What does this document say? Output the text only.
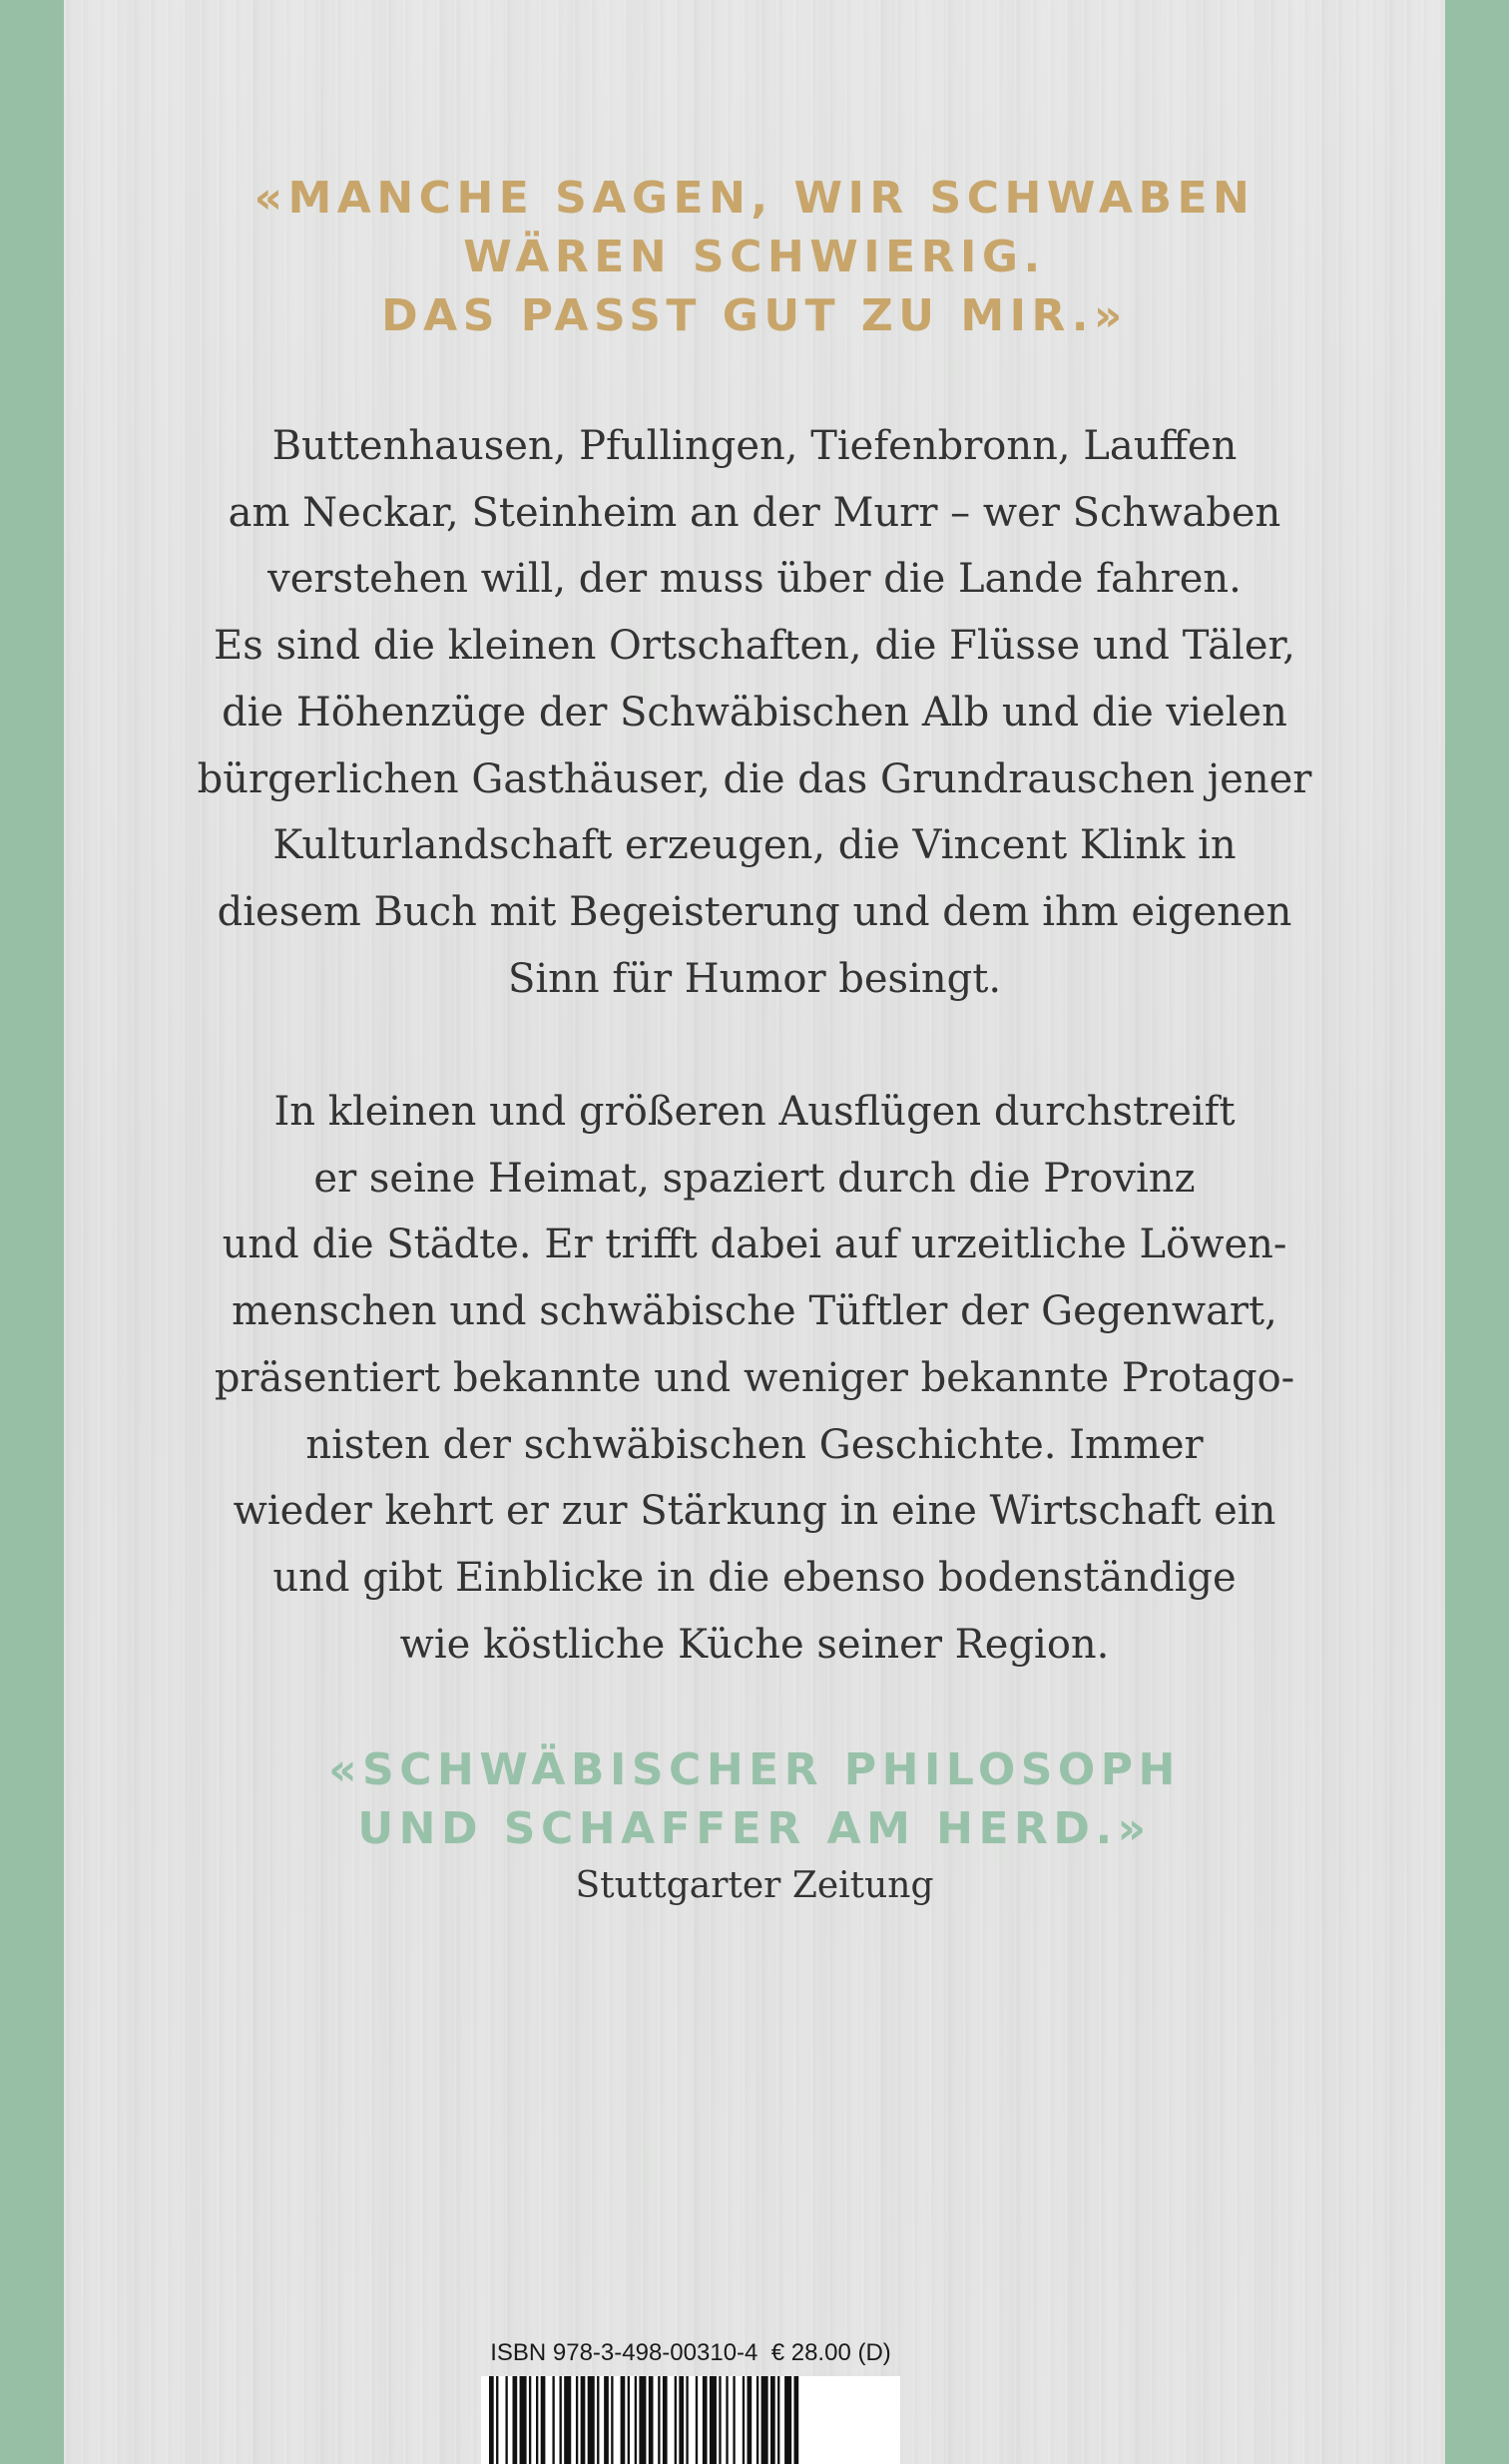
«MANCHE SAGEN, WIR SCHWABEN
WÄREN SCHWIERIG.
DAS PASST GUT ZU MIR.»
Buttenhausen, Pfullingen, Tiefenbronn, Lauffen
am Neckar, Steinheim an der Murr – wer Schwaben
verstehen will, der muss über die Lande fahren.
Es sind die kleinen Ortschaften, die Flüsse und Täler,
die Höhenzüge der Schwäbischen Alb und die vielen
bürgerlichen Gasthäuser, die das Grundrauschen jener
Kulturlandschaft erzeugen, die Vincent Klink in
diesem Buch mit Begeisterung und dem ihm eigenen
Sinn für Humor besingt.
In kleinen und größeren Ausflügen durchstreift
er seine Heimat, spaziert durch die Provinz
und die Städte. Er trifft dabei auf urzeitliche Löwen-
menschen und schwäbische Tüftler der Gegenwart,
präsentiert bekannte und weniger bekannte Protago-
nisten der schwäbischen Geschichte. Immer
wieder kehrt er zur Stärkung in eine Wirtschaft ein
und gibt Einblicke in die ebenso bodenständige
wie köstliche Küche seiner Region.
«SCHWÄBISCHER PHILOSOPH
UND SCHAFFER AM HERD.»
Stuttgarter Zeitung
ISBN 978-3-498-00310-4 € 28.00 (D)
